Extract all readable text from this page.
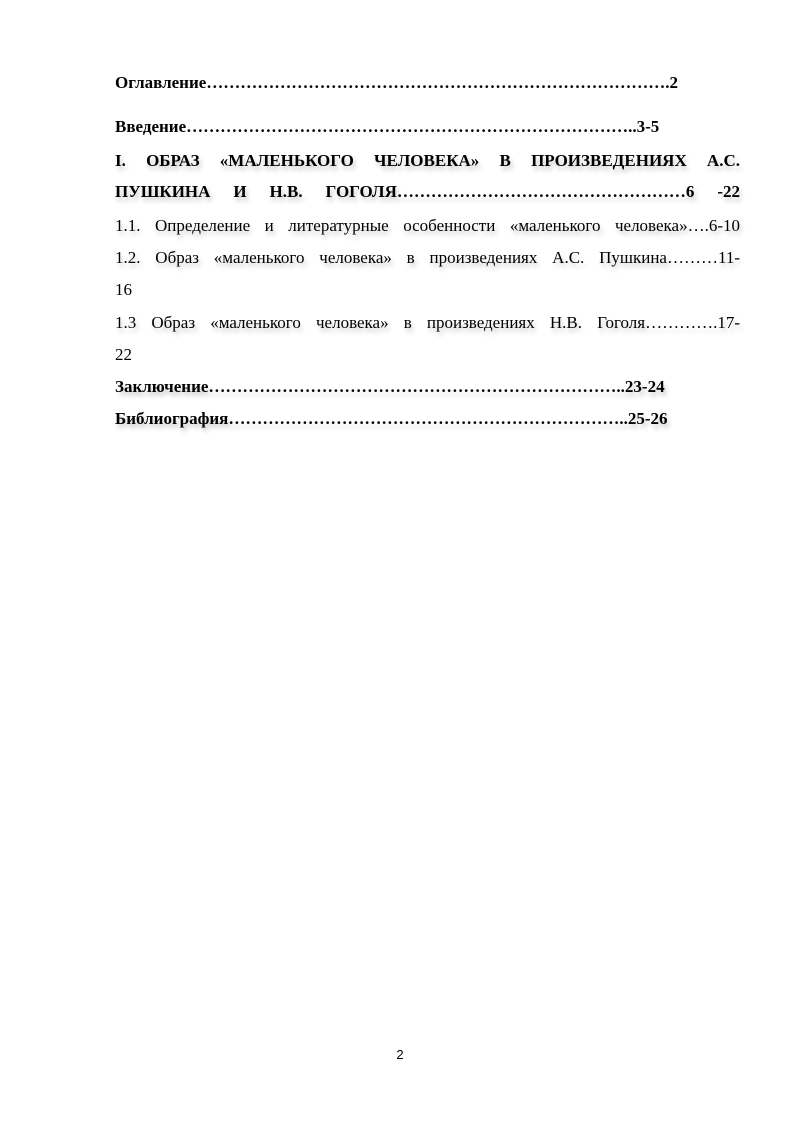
Оглавление……………………………………………………………………….2
Введение……………………………………………………………………..3-5
I. ОБРАЗ «МАЛЕНЬКОГО ЧЕЛОВЕКА» В ПРОИЗВЕДЕНИЯХ А.С.
ПУШКИНА И Н.В. ГОГОЛЯ……………………………………………6 -22
1.1. Определение и литературные особенности «маленького человека»….6-10
1.2. Образ «маленького человека» в произведениях А.С. Пушкина………11-
16
1.3 Образ «маленького человека» в произведениях Н.В. Гоголя………….17-
22
Заключение………………………………………………………………..23-24
Библиография……………………………………………………………..25-26
2
